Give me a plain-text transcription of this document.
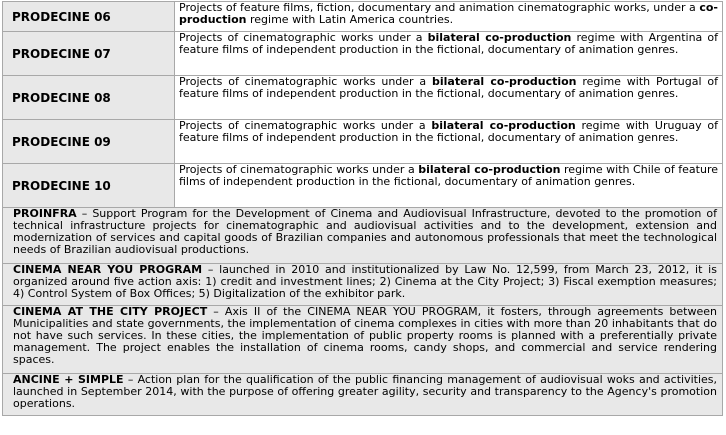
PRODECINE 06	Projects of feature films, fiction, documentary and animation cinematographic works, under a co-production regime with Latin America countries.
PRODECINE 07	Projects of cinematographic works under a bilateral co-production regime with Argentina of feature films of independent production in the fictional, documentary of animation genres.
PRODECINE 08	Projects of cinematographic works under a bilateral co-production regime with Portugal of feature films of independent production in the fictional, documentary of animation genres.
PRODECINE 09	Projects of cinematographic works under a bilateral co-production regime with Uruguay of feature films of independent production in the fictional, documentary of animation genres.
PRODECINE 10	Projects of cinematographic works under a bilateral co-production regime with Chile of feature films of independent production in the fictional, documentary of animation genres.
PROINFRA – Support Program for the Development of Cinema and Audiovisual Infrastructure, devoted to the promotion of technical infrastructure projects for cinematographic and audiovisual activities and to the development, extension and modernization of services and capital goods of Brazilian companies and autonomous professionals that meet the technological needs of Brazilian audiovisual productions.	
CINEMA NEAR YOU PROGRAM – launched in 2010 and institutionalized by Law No. 12,599, from March 23, 2012, it is organized around five action axis: 1) credit and investment lines; 2) Cinema at the City Project; 3) Fiscal exemption measures; 4) Control System of Box Offices; 5) Digitalization of the exhibitor park.	
CINEMA AT THE CITY PROJECT – Axis II of the CINEMA NEAR YOU PROGRAM, it fosters, through agreements between Municipalities and state governments, the implementation of cinema complexes in cities with more than 20 inhabitants that do not have such services. In these cities, the implementation of public property rooms is planned with a preferentially private management. The project enables the installation of cinema rooms, candy shops, and commercial and service rendering spaces.	
ANCINE + SIMPLE – Action plan for the qualification of the public financing management of audiovisual woks and activities, launched in September 2014, with the purpose of offering greater agility, security and transparency to the Agency's promotion operations.	
